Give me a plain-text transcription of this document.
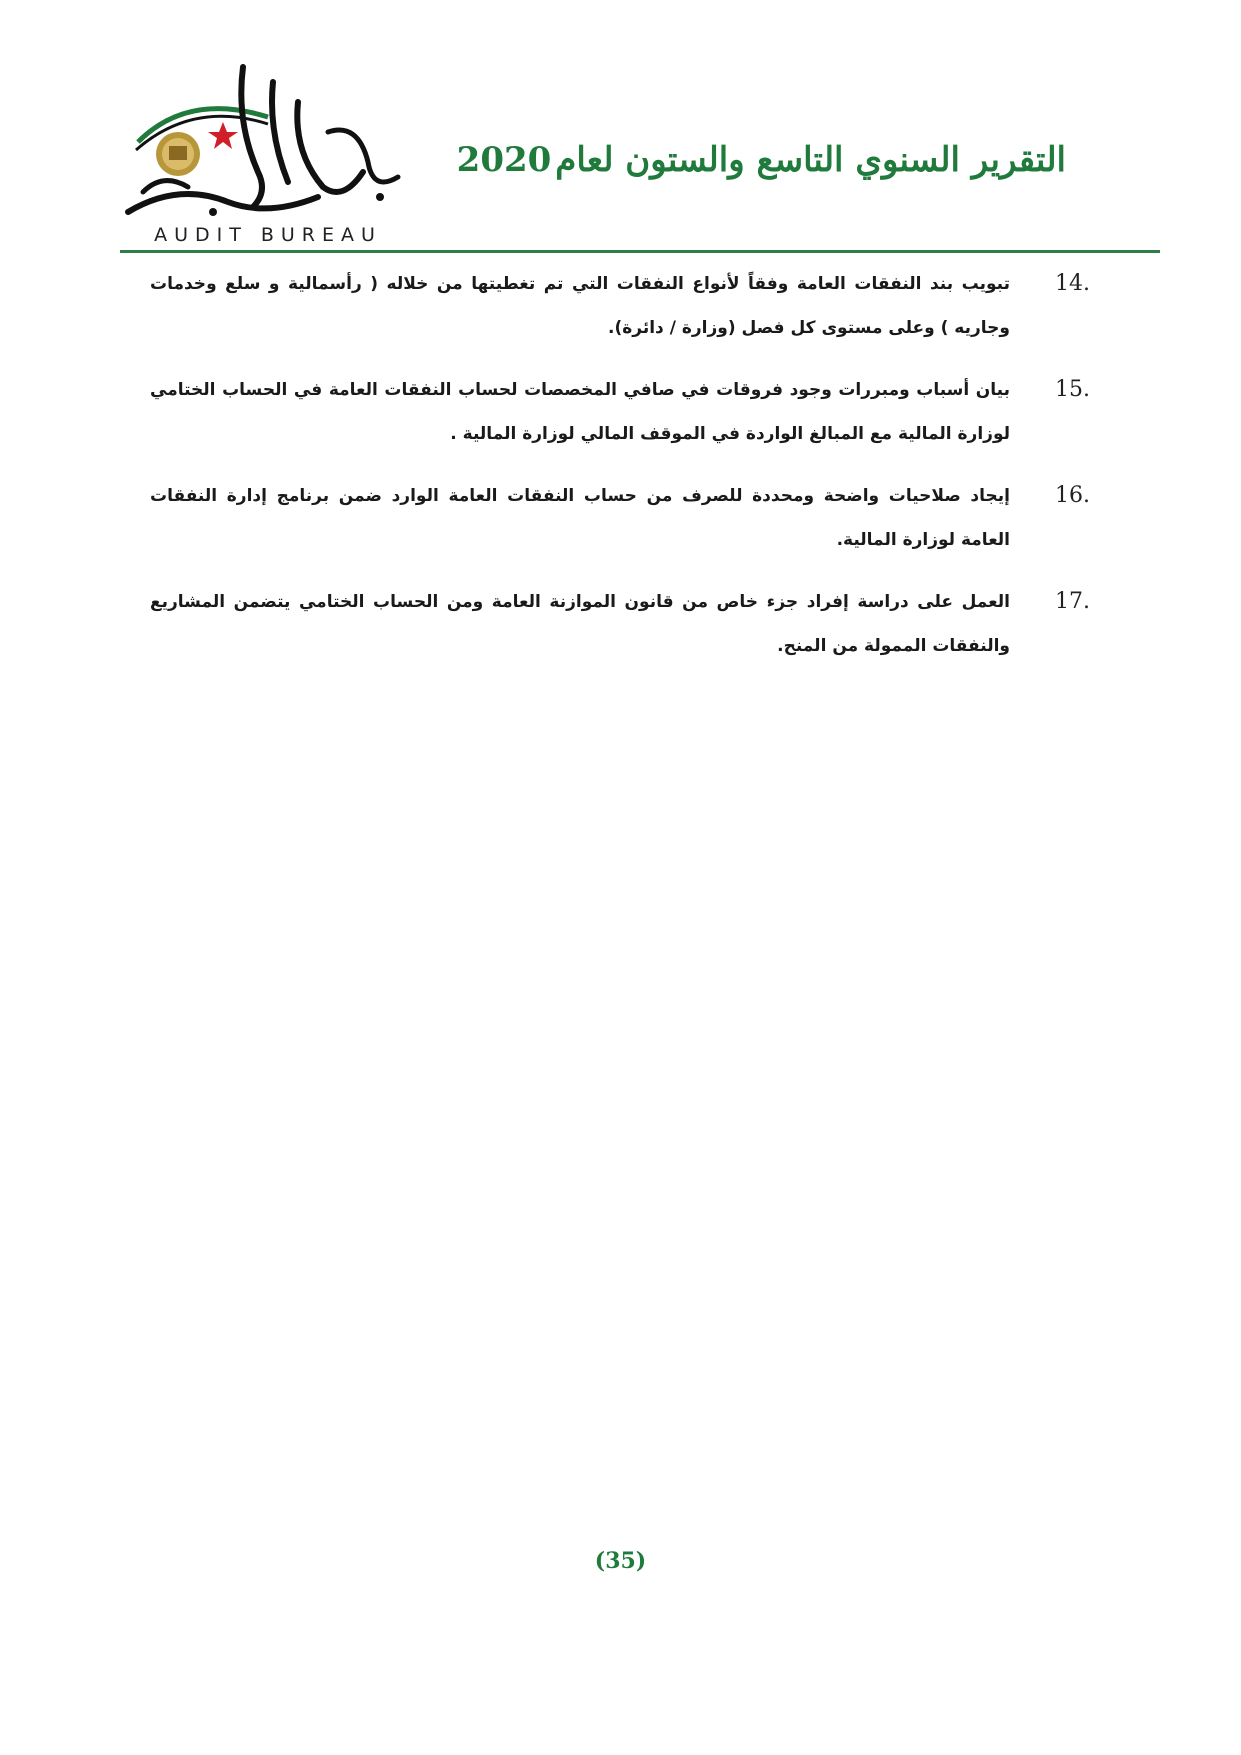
AUDIT BUREAU
التقرير السنوي التاسع والستون لعام2020
14.
تبويب بند النفقات العامة وفقاً لأنواع النفقات التي تم تغطيتها من خلاله ( رأسمالية و سلع وخدمات وجاريه ) وعلى مستوى كل فصل (وزارة / دائرة).
15.
بيان أسباب ومبررات وجود فروقات في صافي المخصصات لحساب النفقات العامة في الحساب الختامي لوزارة المالية مع المبالغ الواردة في الموقف المالي لوزارة المالية .
16.
إيجاد صلاحيات واضحة ومحددة للصرف من حساب النفقات العامة الوارد ضمن برنامج إدارة النفقات العامة لوزارة المالية.
17.
العمل على دراسة إفراد جزء خاص من قانون الموازنة العامة ومن الحساب الختامي يتضمن المشاريع والنفقات الممولة من المنح.
(35)
